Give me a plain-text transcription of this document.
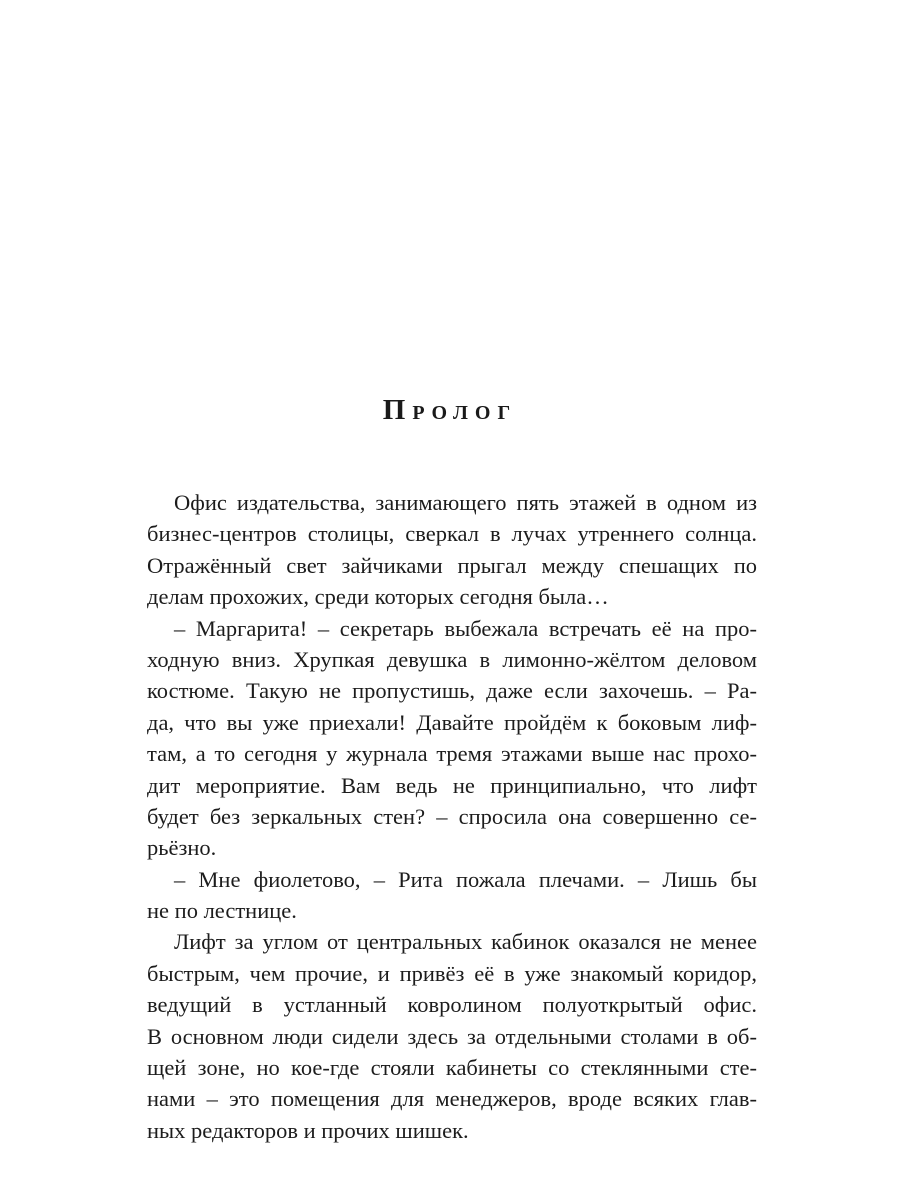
Пролог
Офис издательства, занимающего пять этажей в одном из
бизнес-центров столицы, сверкал в лучах утреннего солнца.
Отражённый свет зайчиками прыгал между спешащих по
делам прохожих, среди которых сегодня была…
– Маргарита! – секретарь выбежала встречать её на про-
ходную вниз. Хрупкая девушка в лимонно-жёлтом деловом
костюме. Такую не пропустишь, даже если захочешь. – Ра-
да, что вы уже приехали! Давайте пройдём к боковым лиф-
там, а то сегодня у журнала тремя этажами выше нас прохо-
дит мероприятие. Вам ведь не принципиально, что лифт
будет без зеркальных стен? – спросила она совершенно се-
рьёзно.
– Мне фиолетово, – Рита пожала плечами. – Лишь бы
не по лестнице.
Лифт за углом от центральных кабинок оказался не менее
быстрым, чем прочие, и привёз её в уже знакомый коридор,
ведущий в устланный ковролином полуоткрытый офис.
В основном люди сидели здесь за отдельными столами в об-
щей зоне, но кое-где стояли кабинеты со стеклянными сте-
нами – это помещения для менеджеров, вроде всяких глав-
ных редакторов и прочих шишек.
